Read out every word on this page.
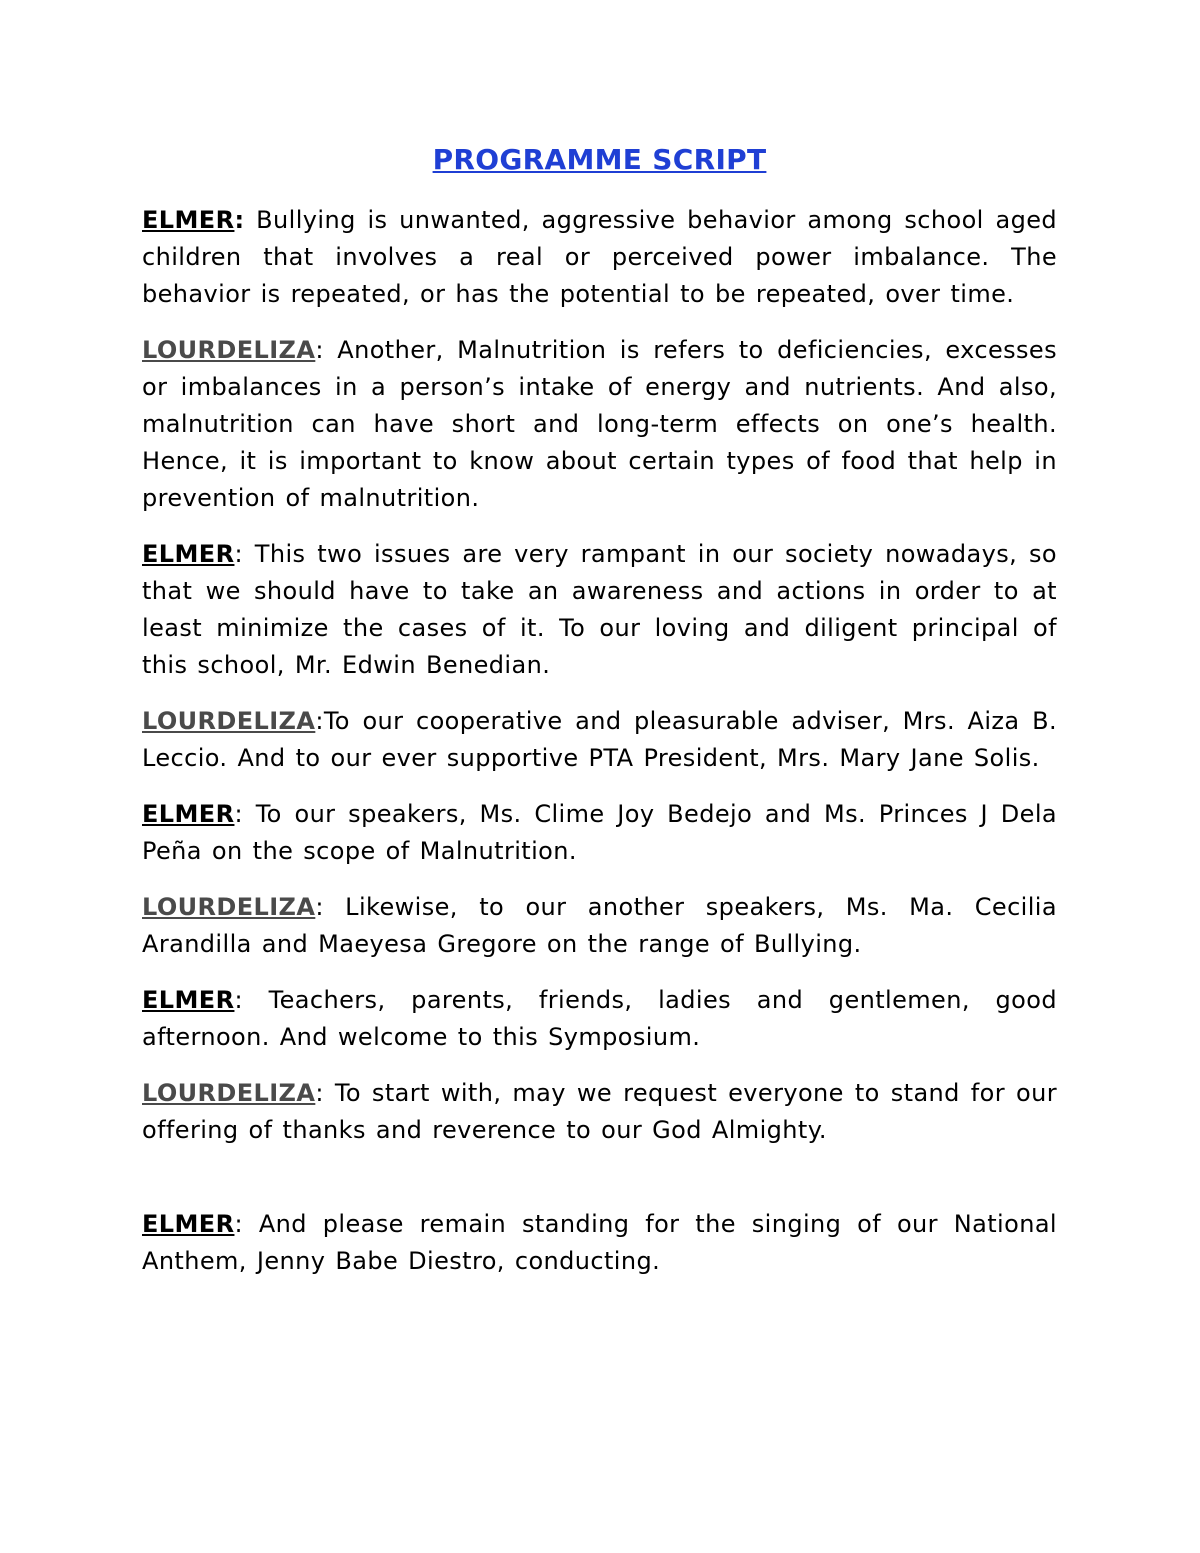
PROGRAMME SCRIPT

ELMER: Bullying is unwanted, aggressive behavior among school aged children that involves a real or perceived power imbalance. The behavior is repeated, or has the potential to be repeated, over time.

LOURDELIZA: Another, Malnutrition is refers to deficiencies, excesses or imbalances in a person’s intake of energy and nutrients. And also, malnutrition can have short and long-term effects on one’s health. Hence, it is important to know about certain types of food that help in prevention of malnutrition.

ELMER: This two issues are very rampant in our society nowadays, so that we should have to take an awareness and actions in order to at least minimize the cases of it. To our loving and diligent principal of this school, Mr. Edwin Benedian.

LOURDELIZA:To our cooperative and pleasurable adviser, Mrs. Aiza B. Leccio. And to our ever supportive PTA President, Mrs. Mary Jane Solis.

ELMER: To our speakers, Ms. Clime Joy Bedejo and Ms. Princes J Dela Peña on the scope of Malnutrition.

LOURDELIZA: Likewise, to our another speakers, Ms. Ma. Cecilia Arandilla and Maeyesa Gregore on the range of Bullying.

ELMER: Teachers, parents, friends, ladies and gentlemen, good afternoon. And welcome to this Symposium.

LOURDELIZA: To start with, may we request everyone to stand for our offering of thanks and reverence to our God Almighty.

ELMER: And please remain standing for the singing of our National Anthem, Jenny Babe Diestro, conducting.
